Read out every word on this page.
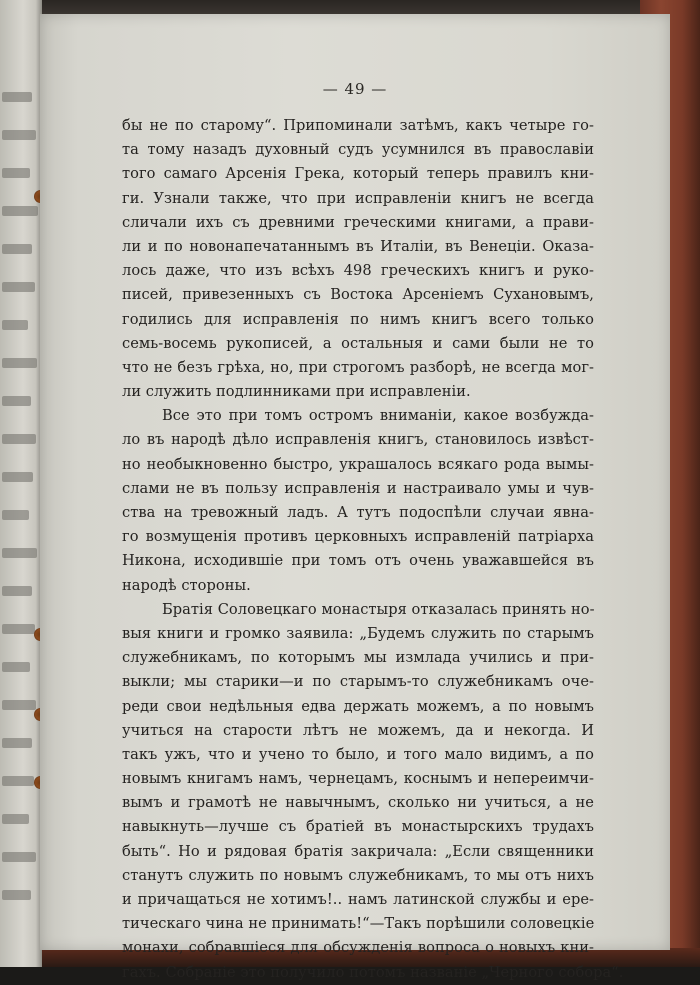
— 49 —
бы не по старому“. Припоминали затѣмъ, какъ четыре го-
та тому назадъ духовный судъ усумнился въ православіи
того самаго Арсенія Грека, который теперь правилъ кни-
ги. Узнали также, что при исправленіи книгъ не всегда
сличали ихъ съ древними греческими книгами, а прави-
ли и по новонапечатаннымъ въ Италіи, въ Венеціи. Оказа-
лось даже, что изъ всѣхъ 498 греческихъ книгъ и руко-
писей, привезенныхъ съ Востока Арсеніемъ Сухановымъ,
годились для исправленія по нимъ книгъ всего только
семь-восемь рукописей, а остальныя и сами были не то
что не безъ грѣха, но, при строгомъ разборѣ, не всегда мог-
ли служить подлинниками при исправленіи.
Все это при томъ остромъ вниманіи, какое возбужда-
ло въ народѣ дѣло исправленія книгъ, становилось извѣст-
но необыкновенно быстро, украшалось всякаго рода вымы-
слами не въ пользу исправленія и настраивало умы и чув-
ства на тревожный ладъ. А тутъ подоспѣли случаи явна-
го возмущенія противъ церковныхъ исправленій патріарха
Никона, исходившіе при томъ отъ очень уважавшейся въ
народѣ стороны.
Братія Соловецкаго монастыря отказалась принять но-
выя книги и громко заявила: „Будемъ служить по старымъ
служебникамъ, по которымъ мы измлада учились и при-
выкли; мы старики—и по старымъ-то служебникамъ оче-
реди свои недѣльныя едва держать можемъ, а по новымъ
учиться на старости лѣтъ не можемъ, да и некогда. И
такъ ужъ, что и учено то было, и того мало видимъ, а по
новымъ книгамъ намъ, чернецамъ, коснымъ и непереимчи-
вымъ и грамотѣ не навычнымъ, сколько ни учиться, а не
навыкнуть—лучше съ братіей въ монастырскихъ трудахъ
быть“. Но и рядовая братія закричала: „Если священники
станутъ служить по новымъ служебникамъ, то мы отъ нихъ
и причащаться не хотимъ!.. намъ латинской службы и ере-
тическаго чина не принимать!“—Такъ порѣшили соловецкіе
монахи, собравшіеся для обсужденія вопроса о новыхъ кни-
гахъ. Собраніе это получило потомъ названіе „Черного собора“.
